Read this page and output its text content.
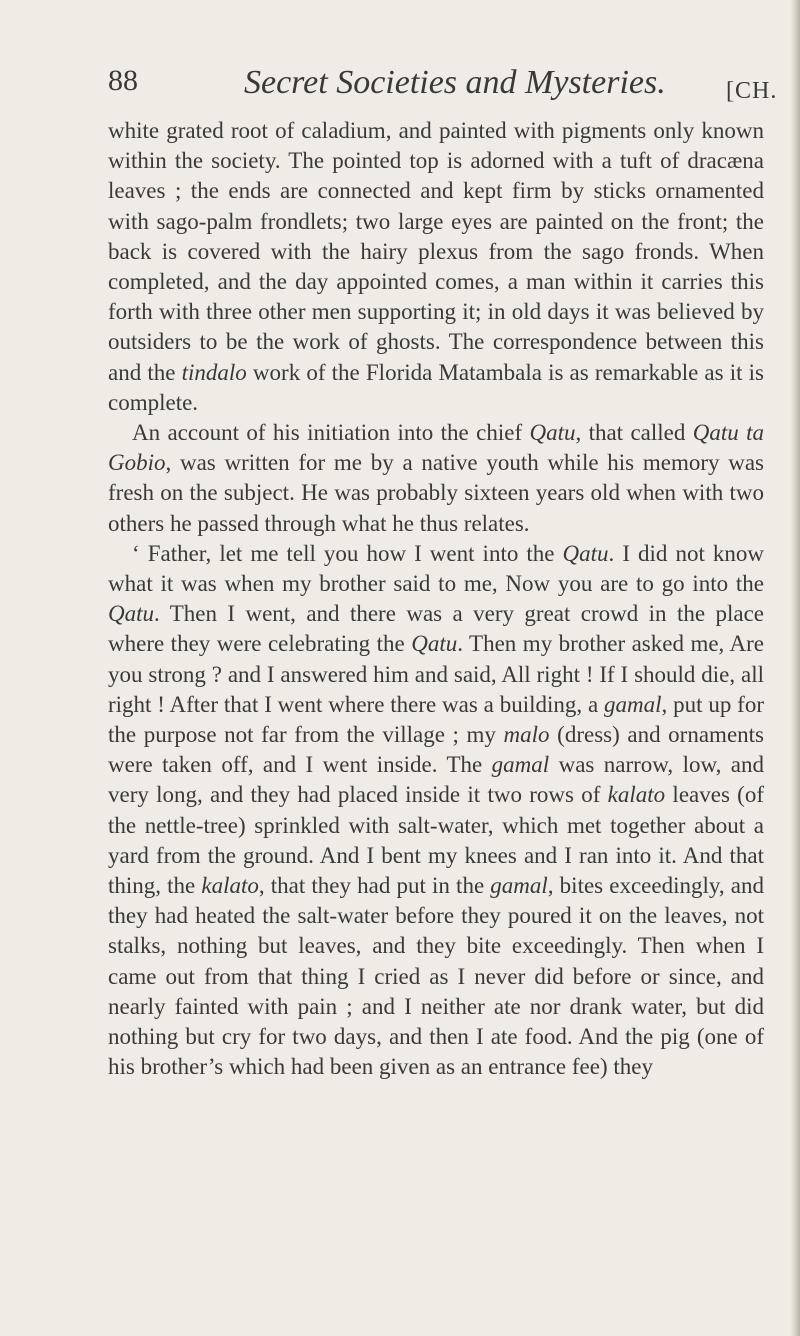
88	Secret Societies and Mysteries.	[CH.

white grated root of caladium, and painted with pigments only known within the society. The pointed top is adorned with a tuft of dracæna leaves ; the ends are connected and kept firm by sticks ornamented with sago-palm frondlets; two large eyes are painted on the front; the back is covered with the hairy plexus from the sago fronds. When completed, and the day appointed comes, a man within it carries this forth with three other men supporting it; in old days it was believed by outsiders to be the work of ghosts. The correspondence between this and the tindalo work of the Florida Matambala is as remarkable as it is complete.

An account of his initiation into the chief Qatu, that called Qatu ta Gobio, was written for me by a native youth while his memory was fresh on the subject. He was probably sixteen years old when with two others he passed through what he thus relates.

‘ Father, let me tell you how I went into the Qatu. I did not know what it was when my brother said to me, Now you are to go into the Qatu. Then I went, and there was a very great crowd in the place where they were celebrating the Qatu. Then my brother asked me, Are you strong ? and I answered him and said, All right ! If I should die, all right ! After that I went where there was a building, a gamal, put up for the purpose not far from the village ; my malo (dress) and ornaments were taken off, and I went inside. The gamal was narrow, low, and very long, and they had placed inside it two rows of kalato leaves (of the nettle-tree) sprinkled with salt-water, which met together about a yard from the ground. And I bent my knees and I ran into it. And that thing, the kalato, that they had put in the gamal, bites exceedingly, and they had heated the salt-water before they poured it on the leaves, not stalks, nothing but leaves, and they bite exceedingly. Then when I came out from that thing I cried as I never did before or since, and nearly fainted with pain ; and I neither ate nor drank water, but did nothing but cry for two days, and then I ate food. And the pig (one of his brother’s which had been given as an entrance fee) they
